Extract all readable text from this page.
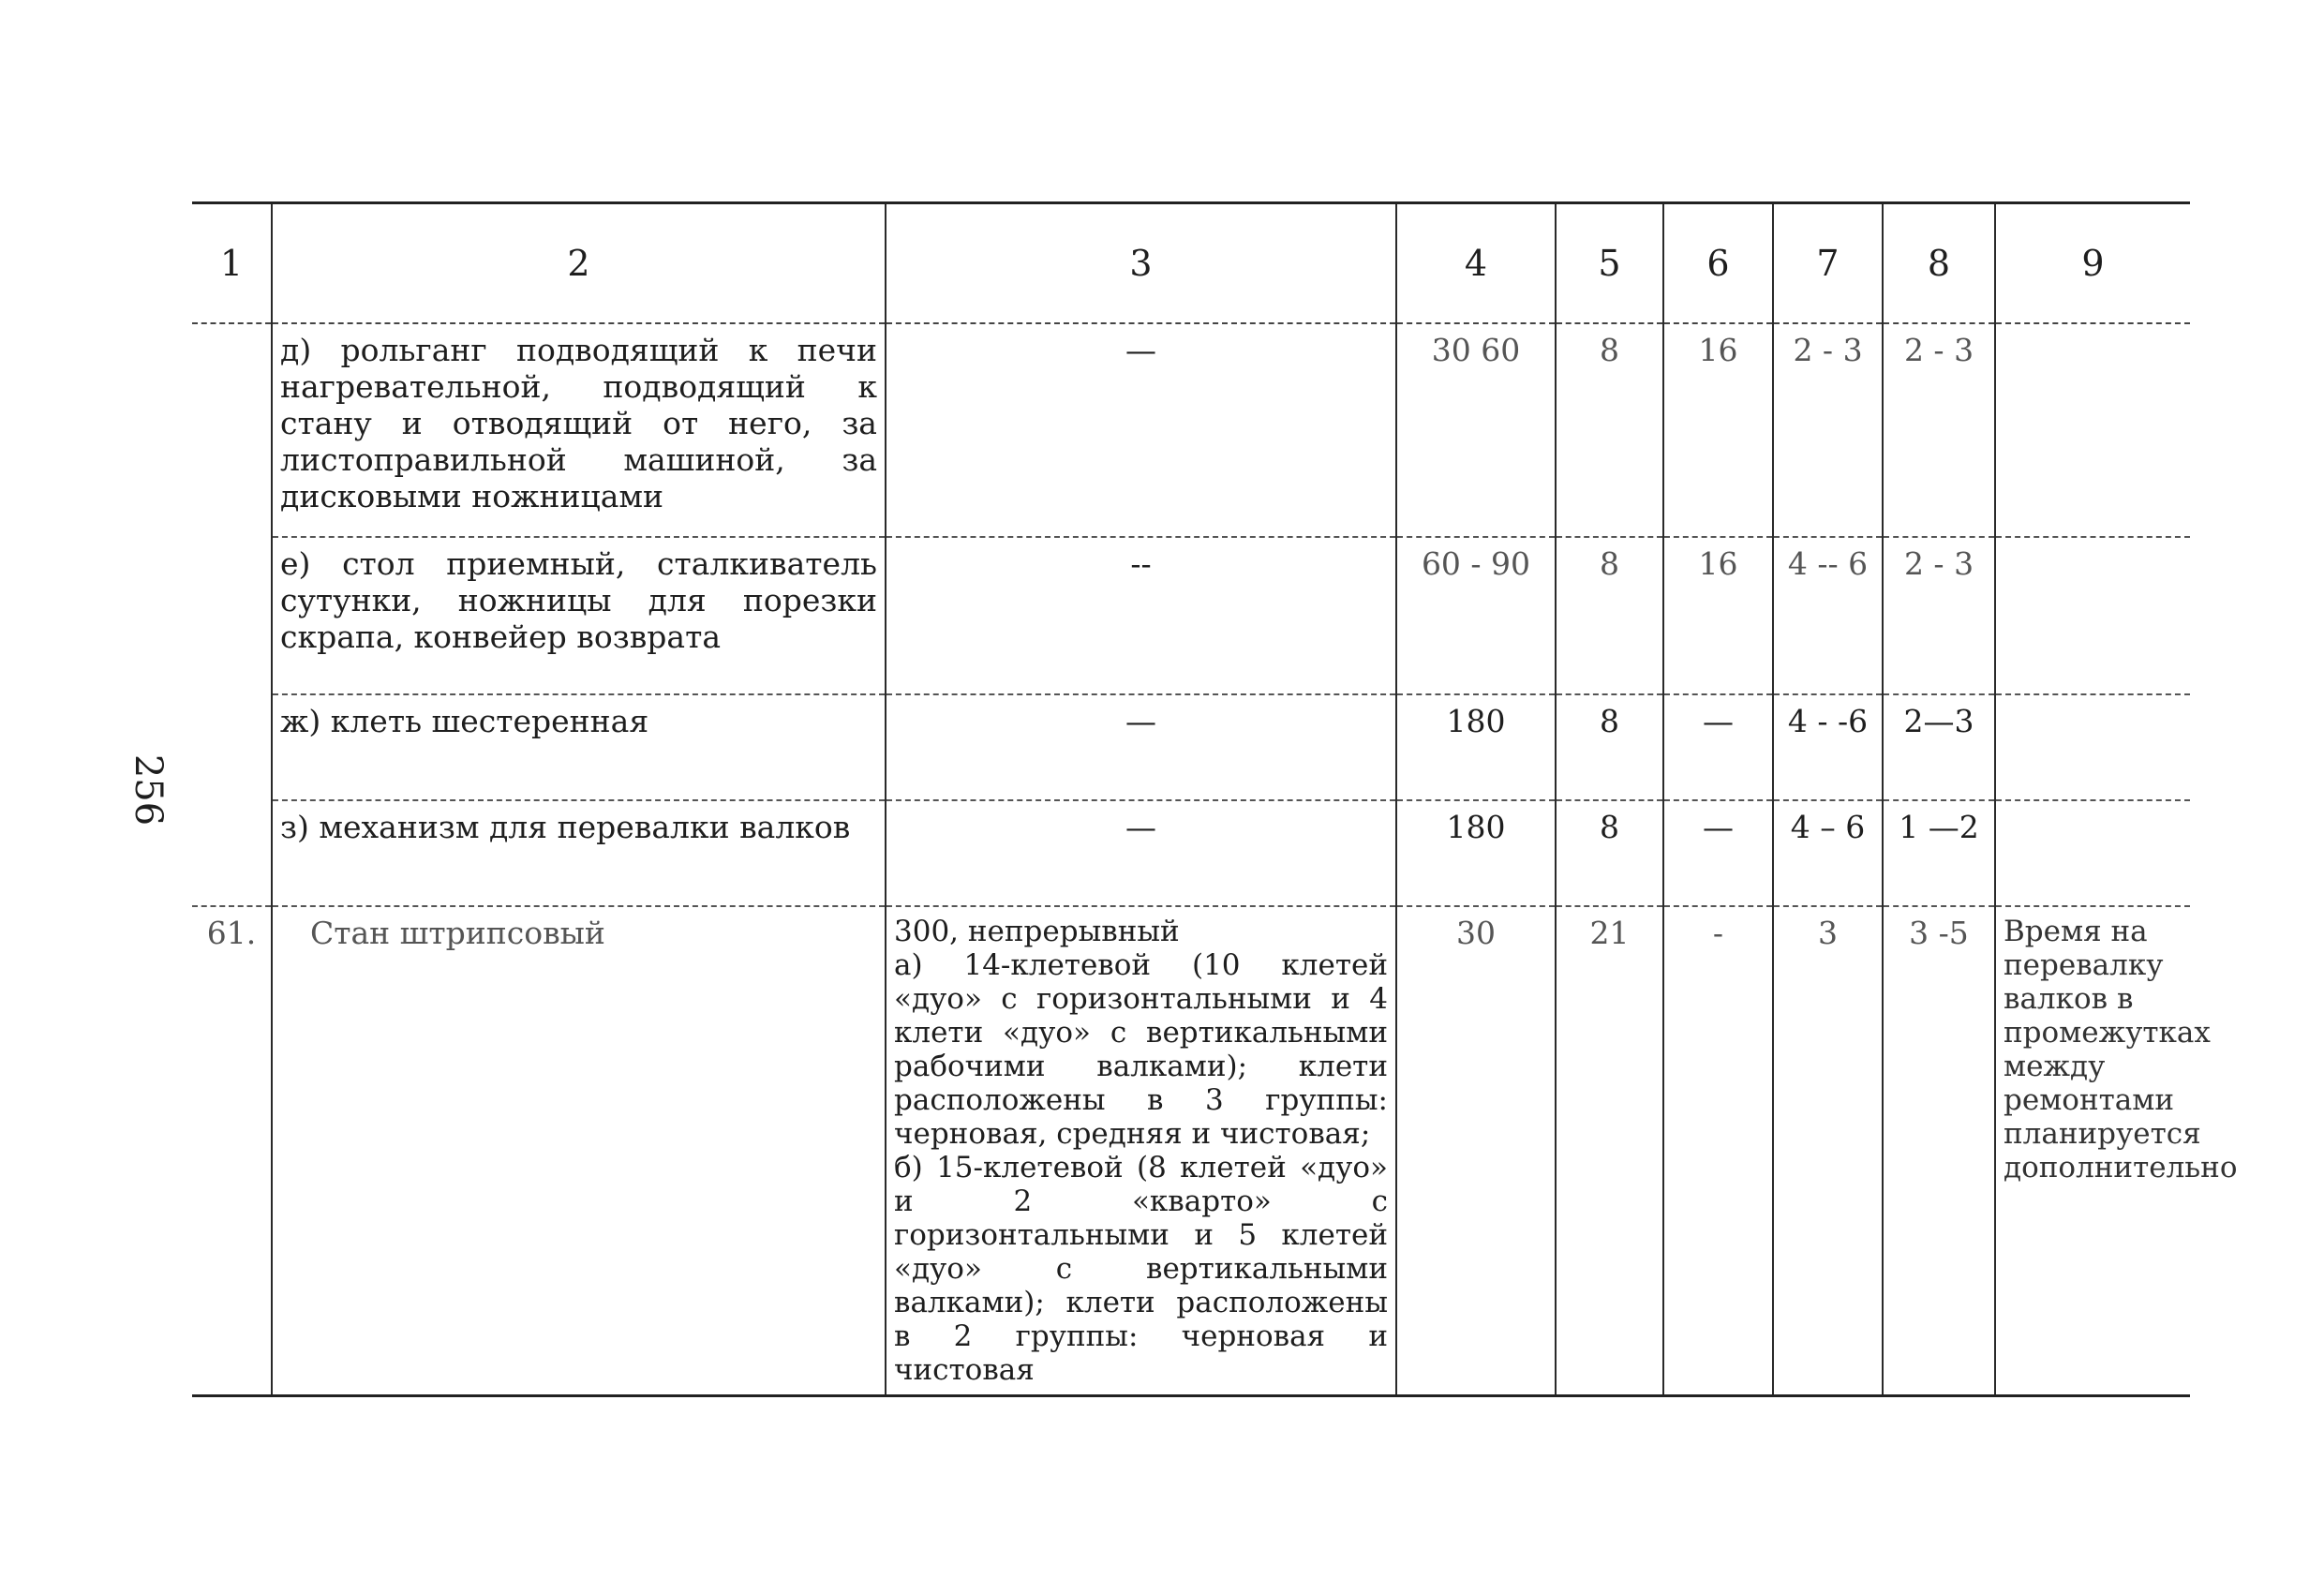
256
1	2	3	4	5	6	7	8	9
	д) рольганг подводящий к печи нагревательной, подводящий к стану и отводящий от него, за листоправильной машиной, за дисковыми ножницами	—	30 60	8	16	2 - 3	2 - 3	
	е) стол приемный, сталкиватель сутунки, ножницы для порезки скрапа, конвейер возврата	--	60 - 90	8	16	4 -- 6	2 - 3	
	ж) клеть шестеренная	—	180	8	—	4 - -6	2—3	
	з) механизм для перевалки валков	—	180	8	—	4 – 6	1 —2	
61.	Стан штрипсовый	300, непрерывный
а) 14-клетевой (10 клетей «дуо» с горизонтальными и 4 клети «дуо» с вертикальными рабочими валками); клети расположены в 3 группы: черновая, средняя и чистовая;
б) 15-клетевой (8 клетей «дуо» и 2 «кварто» с горизонтальными и 5 клетей «дуо» с вертикальными валками); клети расположены в 2 группы: черновая и чистовая	30	21	-	3	3 -5	Время на перевалку валков в промежутках между ремонтами планируется дополнительно
